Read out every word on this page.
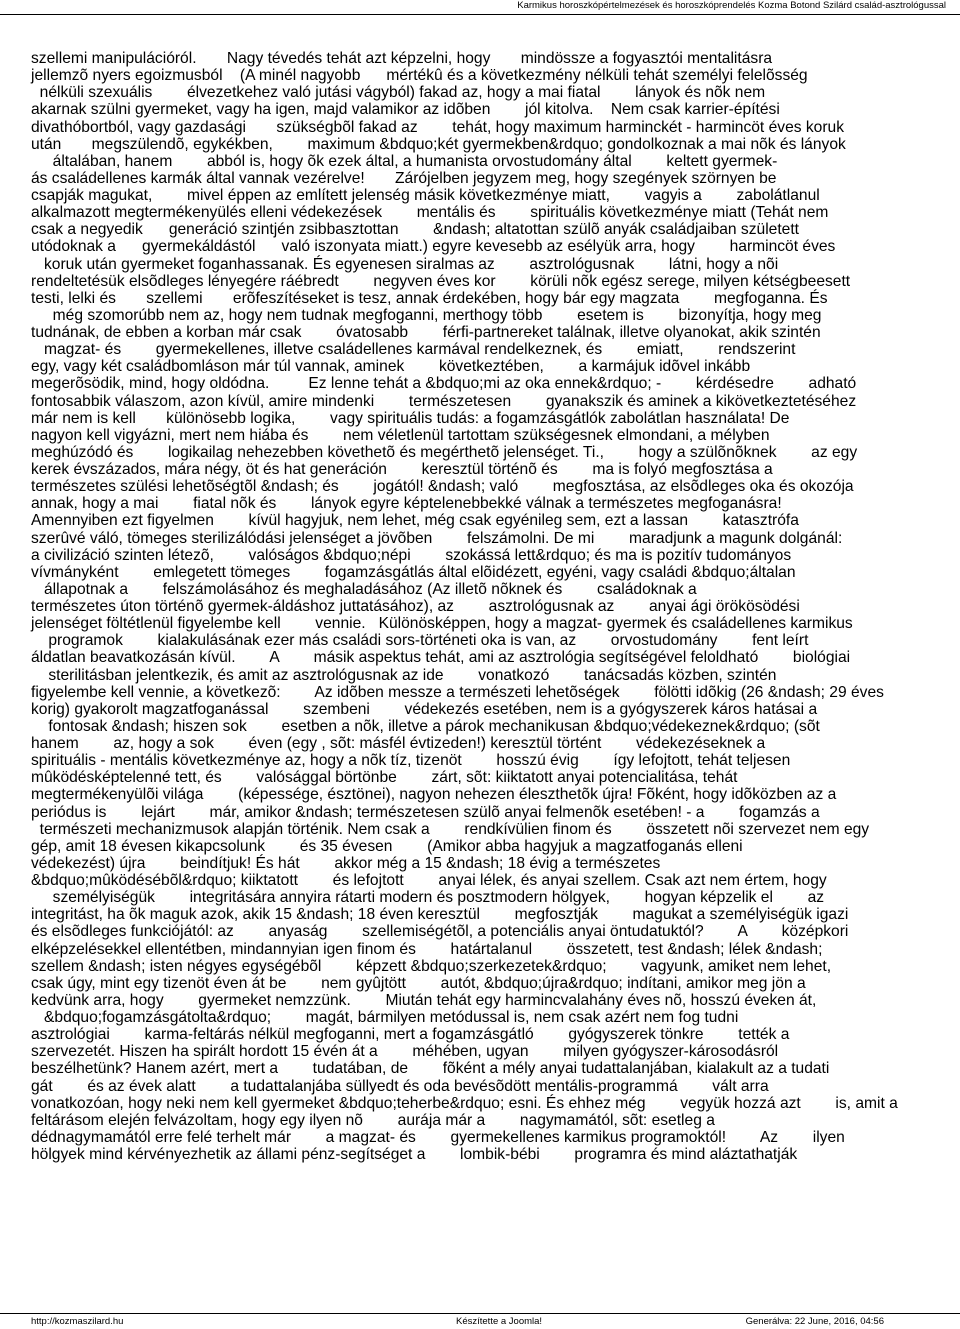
Karmikus horoszkópértelmezések és horoszkóprendelés Kozma Botond Szilárd család-asztrológussal
szellemi manipulációról.       Nagy tévedés tehát azt képzelni, hogy       mindössze a fogyasztói mentalitásra
jellemzõ nyers egoizmusból    (A minél nagyobb      mértékû és a következmény nélküli tehát személyi felelõsség
nélküli szexuális        élvezetkehez való jutási vágyból) fakad az, hogy a mai fiatal        lányok és nõk nem
akarnak szülni gyermeket, vagy ha igen, majd valamikor az idõben        jól kitolva.    Nem csak karrier-építési
divathóbortból, vagy gazdasági       szükségbõl fakad az        tehát, hogy maximum harminckét - harmincöt éves koruk
után       megszülendõ, egykékben,        maximum &bdquo;két gyermekben&rdquo; gondolkoznak a mai nõk és lányok
általában, hanem        abból is, hogy õk ezek által, a humanista orvostudomány által        keltett gyermek-
ás családellenes karmák által vannak vezérelve!       Zárójelben jegyzem meg, hogy szegények szörnyen be
csapják magukat,        mivel éppen az említett jelenség másik következménye miatt,        vagyis a        zabolátlanul
alkalmazott megtermékenyülés elleni védekezések        mentális és        spirituális következménye miatt (Tehát nem
csak a negyedik      generáció szintjén zsibbasztottan        &ndash; altatottan szülõ anyák családjaiban született
utódoknak a      gyermekáldástól      való iszonyata miatt.) egyre kevesebb az esélyük arra, hogy        harmincöt éves
koruk után gyermeket foganhassanak. És egyenesen siralmas az        asztrológusnak        látni, hogy a nõi
rendeltetésük elsõdleges lényegére ráébredt        negyven éves kor        körüli nõk egész serege, milyen kétségbeesett
testi, lelki és       szellemi       erõfeszítéseket is tesz, annak érdekében, hogy bár egy magzata        megfoganna. És
még szomorúbb nem az, hogy nem tudnak megfoganni, merthogy több        esetem is        bizonyítja, hogy meg
tudnának, de ebben a korban már csak        óvatosabb        férfi-partnereket találnak, illetve olyanokat, akik szintén
magzat- és        gyermekellenes, illetve családellenes karmával rendelkeznek, és        emiatt,        rendszerint
egy, vagy két családbomláson már túl vannak, aminek        következtében,        a karmájuk idõvel inkább
megerõsödik, mind, hogy oldódna.         Ez lenne tehát a &bdquo;mi az oka ennek&rdquo; -        kérdésedre        adható
fontosabbik válaszom, azon kívül, amire mindenki        természetesen        gyanakszik és aminek a kikövetkeztetéséhez
már nem is kell       különösebb logika,        vagy spirituális tudás: a fogamzásgátlók zabolátlan használata! De
nagyon kell vigyázni, mert nem hiába és        nem véletlenül tartottam szükségesnek elmondani, a mélyben
meghúzódó és        logikailag nehezebben követhetõ és megérthetõ jelenséget. Ti.,        hogy a szülõnõknek        az egy
kerek évszázados, mára négy, öt és hat generáción        keresztül történõ és        ma is folyó megfosztása a
természetes szülési lehetõségtõl &ndash; és        jogától! &ndash; való        megfosztása, az elsõdleges oka és okozója
annak, hogy a mai        fiatal nõk és        lányok egyre képtelenebbekké válnak a természetes megfoganásra!
Amennyiben ezt figyelmen        kívül hagyjuk, nem lehet, még csak egyénileg sem, ezt a lassan        katasztrófa
szerûvé váló, tömeges sterilizálódási jelenséget a jövõben        felszámolni. De mi        maradjunk a magunk dolgánál:
a civilizáció szinten létezõ,        valóságos &bdquo;népi        szokássá lett&rdquo; és ma is pozitív tudományos
vívmányként        emlegetett tömeges        fogamzásgátlás által elõidézett, egyéni, vagy családi &bdquo;általan
állapotnak a        felszámolásához és meghaladásához (Az illetõ nõknek és        családoknak a
természetes úton történõ gyermek-áldáshoz juttatásához), az        asztrológusnak az        anyai ági örökösödési
jelenséget föltétlenül figyelembe kell        vennie.   Különösképpen, hogy a magzat- gyermek és családellenes karmikus
programok        kialakulásának ezer más családi sors-történeti oka is van, az        orvostudomány        fent leírt
áldatlan beavatkozásán kívül.        A        másik aspektus tehát, ami az asztrológia segítségével feloldható        biológiai
sterilitásban jelentkezik, és amit az asztrológusnak az ide        vonatkozó        tanácsadás közben, szintén
figyelembe kell vennie, a következõ:        Az idõben messze a természeti lehetõségek        fölötti idõkig (26 &ndash; 29 éves
korig) gyakorolt magzatfoganással        szembeni        védekezés esetében, nem is a gyógyszerek káros hatásai a
fontosak &ndash; hiszen sok        esetben a nõk, illetve a párok mechanikusan &bdquo;védekeznek&rdquo; (sõt
hanem        az, hogy a sok        éven (egy , sõt: másfél évtizeden!) keresztül történt        védekezéseknek a
spirituális - mentális következménye az, hogy a nõk tíz, tizenöt        hosszú évig        így lefojtott, tehát teljesen
mûködésképtelenné tett, és        valósággal börtönbe        zárt, sõt: kiiktatott anyai potencialitása, tehát
megtermékenyülõi világa        (képessége, észtönei), nagyon nehezen éleszthetõk újra! Fõként, hogy idõközben az a
periódus is        lejárt        már, amikor &ndash; természetesen szülõ anyai felmenõk esetében! - a        fogamzás a
természeti mechanizmusok alapján történik. Nem csak a        rendkívülien finom és        összetett nõi szervezet nem egy
gép, amit 18 évesen kikapcsolunk        és 35 évesen        (Amikor abba hagyjuk a magzatfoganás elleni
védekezést) újra        beindítjuk! És hát        akkor még a 15 &ndash; 18 évig a természetes
&bdquo;mûködésébõl&rdquo; kiiktatott        és lefojtott        anyai lélek, és anyai szellem. Csak azt nem értem, hogy
személyiségük        integritására annyira rátarti modern és posztmodern hölgyek,        hogyan képzelik el        az
integritást, ha õk maguk azok, akik 15 &ndash; 18 éven keresztül        megfosztják        magukat a személyiségük igazi
és elsõdleges funkciójától: az        anyaság        szellemiségétõl, a potenciális anyai öntudatuktól?        A        középkori
elképzelésekkel ellentétben, mindannyian igen finom és        határtalanul        összetett, test &ndash; lélek &ndash;
szellem &ndash; isten négyes egységébõl        képzett &bdquo;szerkezetek&rdquo;        vagyunk, amiket nem lehet,
csak úgy, mint egy tizenöt éven át be        nem gyûjtött        autót, &bdquo;újra&rdquo; indítani, amikor meg jön a
kedvünk arra, hogy        gyermeket nemzzünk.        Miután tehát egy harmincvalahány éves nõ, hosszú éveken át,
&bdquo;fogamzásgátolta&rdquo;        magát, bármilyen metódussal is, nem csak azért nem fog tudni
asztrológiai        karma-feltárás nélkül megfoganni, mert a fogamzásgátló        gyógyszerek tönkre        tették a
szervezetét. Hiszen ha spirált hordott 15 évén át a        méhében, ugyan        milyen gyógyszer-károsodásról
beszélhetünk? Hanem azért, mert a        tudatában, de        fõként a mély anyai tudattalanjában, kialakult az a tudati
gát        és az évek alatt        a tudattalanjába süllyedt és oda bevésõdött mentális-programmá        vált arra
vonatkozóan, hogy neki nem kell gyermeket &bdquo;teherbe&rdquo; esni. És ehhez még        vegyük hozzá azt        is, amit a
feltárásom elején felvázoltam, hogy egy ilyen nõ        aurája már a        nagymamától, sõt: esetleg a
dédnagymamától erre felé terhelt már        a magzat- és        gyermekellenes karmikus programoktól!        Az        ilyen
hölgyek mind kérvényezhetik az állami pénz-segítséget a        lombik-bébi        programra és mind aláztathatják
http://kozmaszilard.hu	Készítette a Joomla!	Generálva: 22 June, 2016, 04:56
